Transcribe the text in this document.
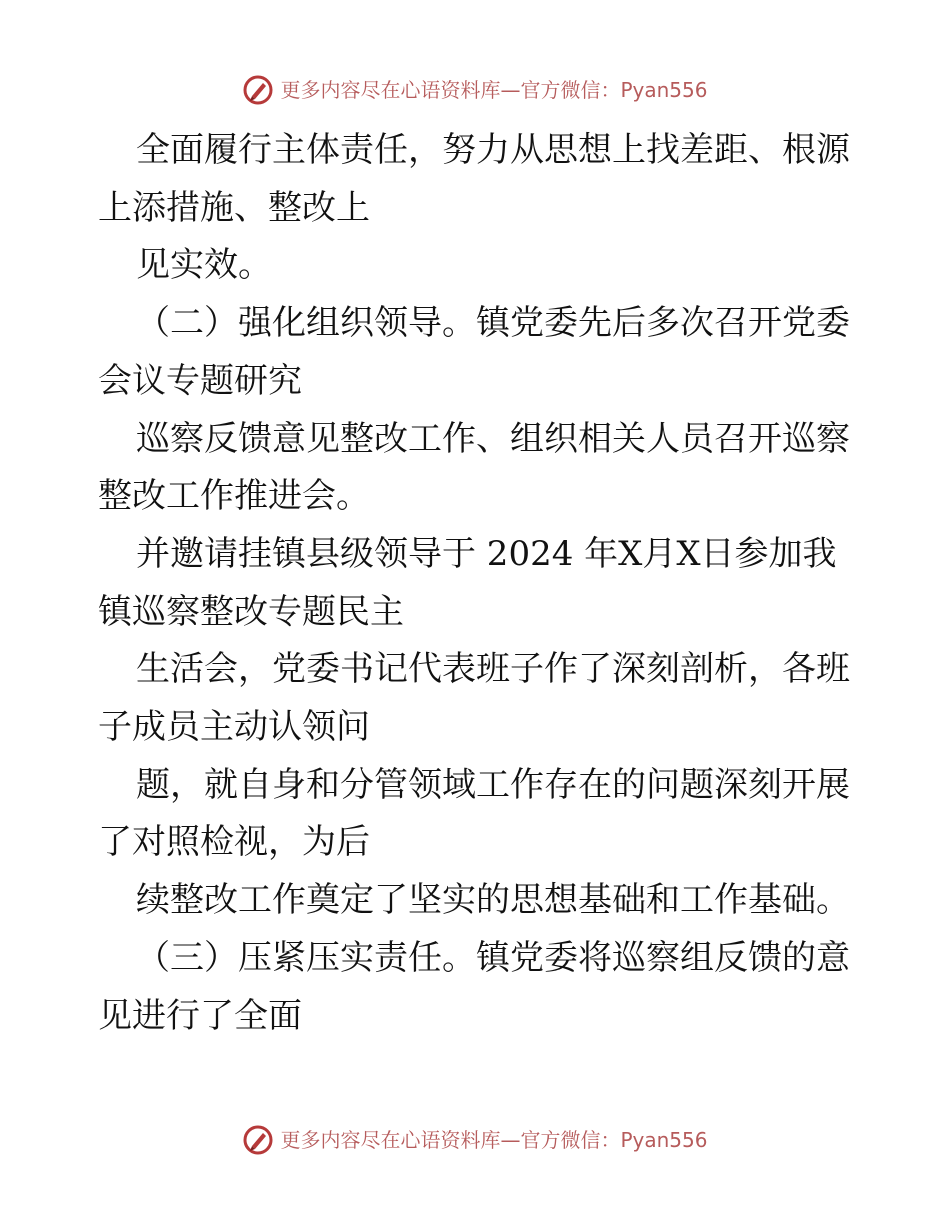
更多内容尽在心语资料库—官方微信：Pyan556

全面履行主体责任，努力从思想上找差距、根源

上添措施、整改上

见实效。

（二）强化组织领导。镇党委先后多次召开党委

会议专题研究

巡察反馈意见整改工作、组织相关人员召开巡察

整改工作推进会。

并邀请挂镇县级领导于 2024 年X月X日参加我

镇巡察整改专题民主

生活会，党委书记代表班子作了深刻剖析，各班

子成员主动认领问

题，就自身和分管领域工作存在的问题深刻开展

了对照检视，为后

续整改工作奠定了坚实的思想基础和工作基础。

（三）压紧压实责任。镇党委将巡察组反馈的意

见进行了全面

更多内容尽在心语资料库—官方微信：Pyan556
